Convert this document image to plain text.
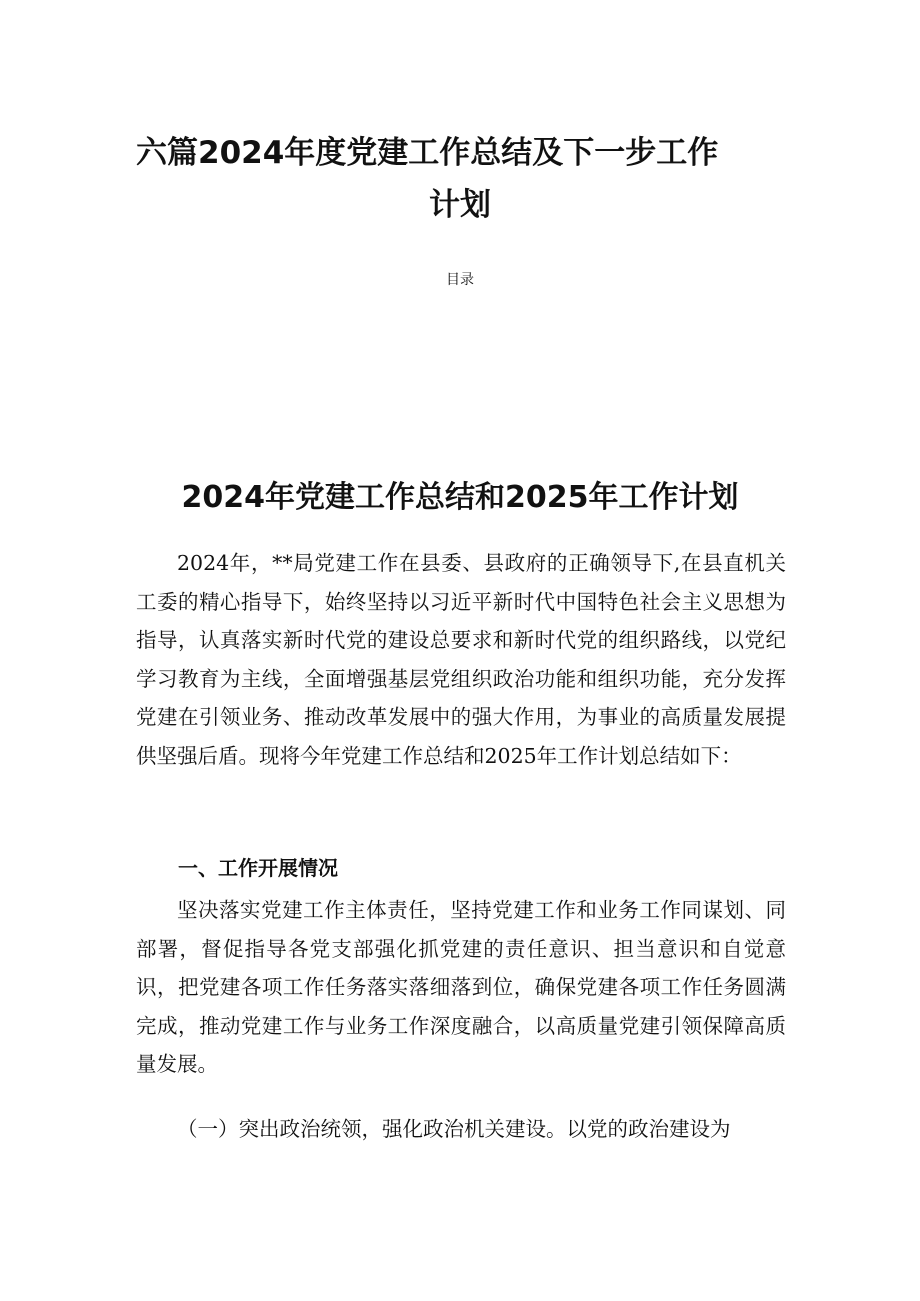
六篇2024年度党建工作总结及下一步工作
计划
目录
2024年党建工作总结和2025年工作计划

2024年，**局党建工作在县委、县政府的正确领导下,在县直机关工委的精心指导下，始终坚持以习近平新时代中国特色社会主义思想为指导，认真落实新时代党的建设总要求和新时代党的组织路线，以党纪学习教育为主线，全面增强基层党组织政治功能和组织功能，充分发挥党建在引领业务、推动改革发展中的强大作用，为事业的高质量发展提供坚强后盾。现将今年党建工作总结和2025年工作计划总结如下：

一、工作开展情况

坚决落实党建工作主体责任，坚持党建工作和业务工作同谋划、同部署，督促指导各党支部强化抓党建的责任意识、担当意识和自觉意识，把党建各项工作任务落实落细落到位，确保党建各项工作任务圆满完成，推动党建工作与业务工作深度融合，以高质量党建引领保障高质量发展。

（一）突出政治统领，强化政治机关建设。以党的政治建设为
